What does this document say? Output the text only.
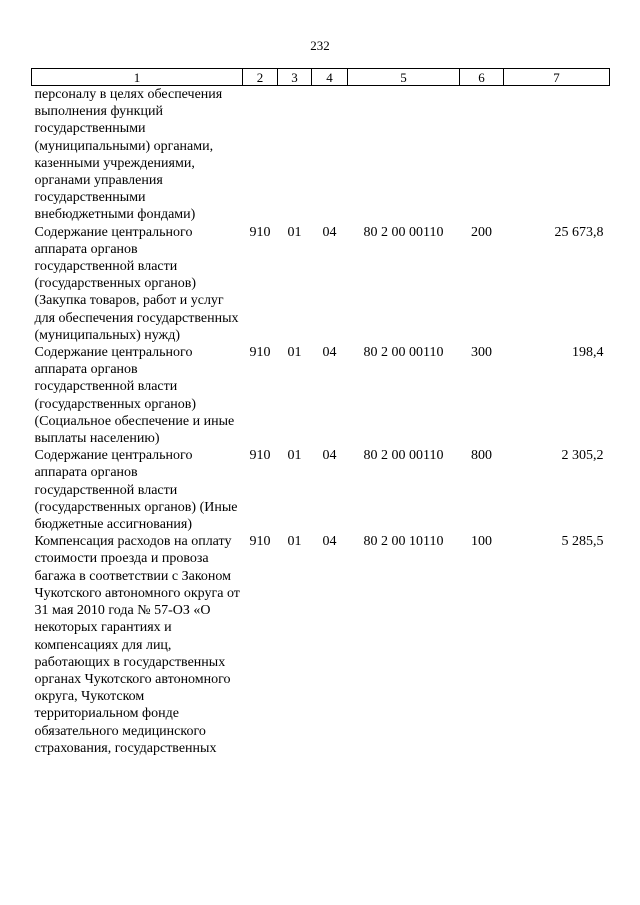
232
1	2	3	4	5	6	7
персоналу в целях обеспечения выполнения функций государственными (муниципальными) органами, казенными учреждениями, органами управления государственными внебюджетными фондами)						
Содержание центрального аппарата органов государственной власти (государственных органов) (Закупка товаров, работ и услуг для обеспечения государственных (муниципальных) нужд)	910	01	04	80 2 00 00110	200	25 673,8
Содержание центрального аппарата органов государственной власти (государственных органов) (Социальное обеспечение и иные выплаты населению)	910	01	04	80 2 00 00110	300	198,4
Содержание центрального аппарата органов государственной власти (государственных органов) (Иные бюджетные ассигнования)	910	01	04	80 2 00 00110	800	2 305,2
Компенсация расходов на оплату стоимости проезда и провоза багажа в соответствии с Законом Чукотского автономного округа от 31 мая 2010 года № 57-ОЗ «О некоторых гарантиях и компенсациях для лиц, работающих в государственных органах Чукотского автономного округа, Чукотском территориальном фонде обязательного медицинского страхования, государственных	910	01	04	80 2 00 10110	100	5 285,5
